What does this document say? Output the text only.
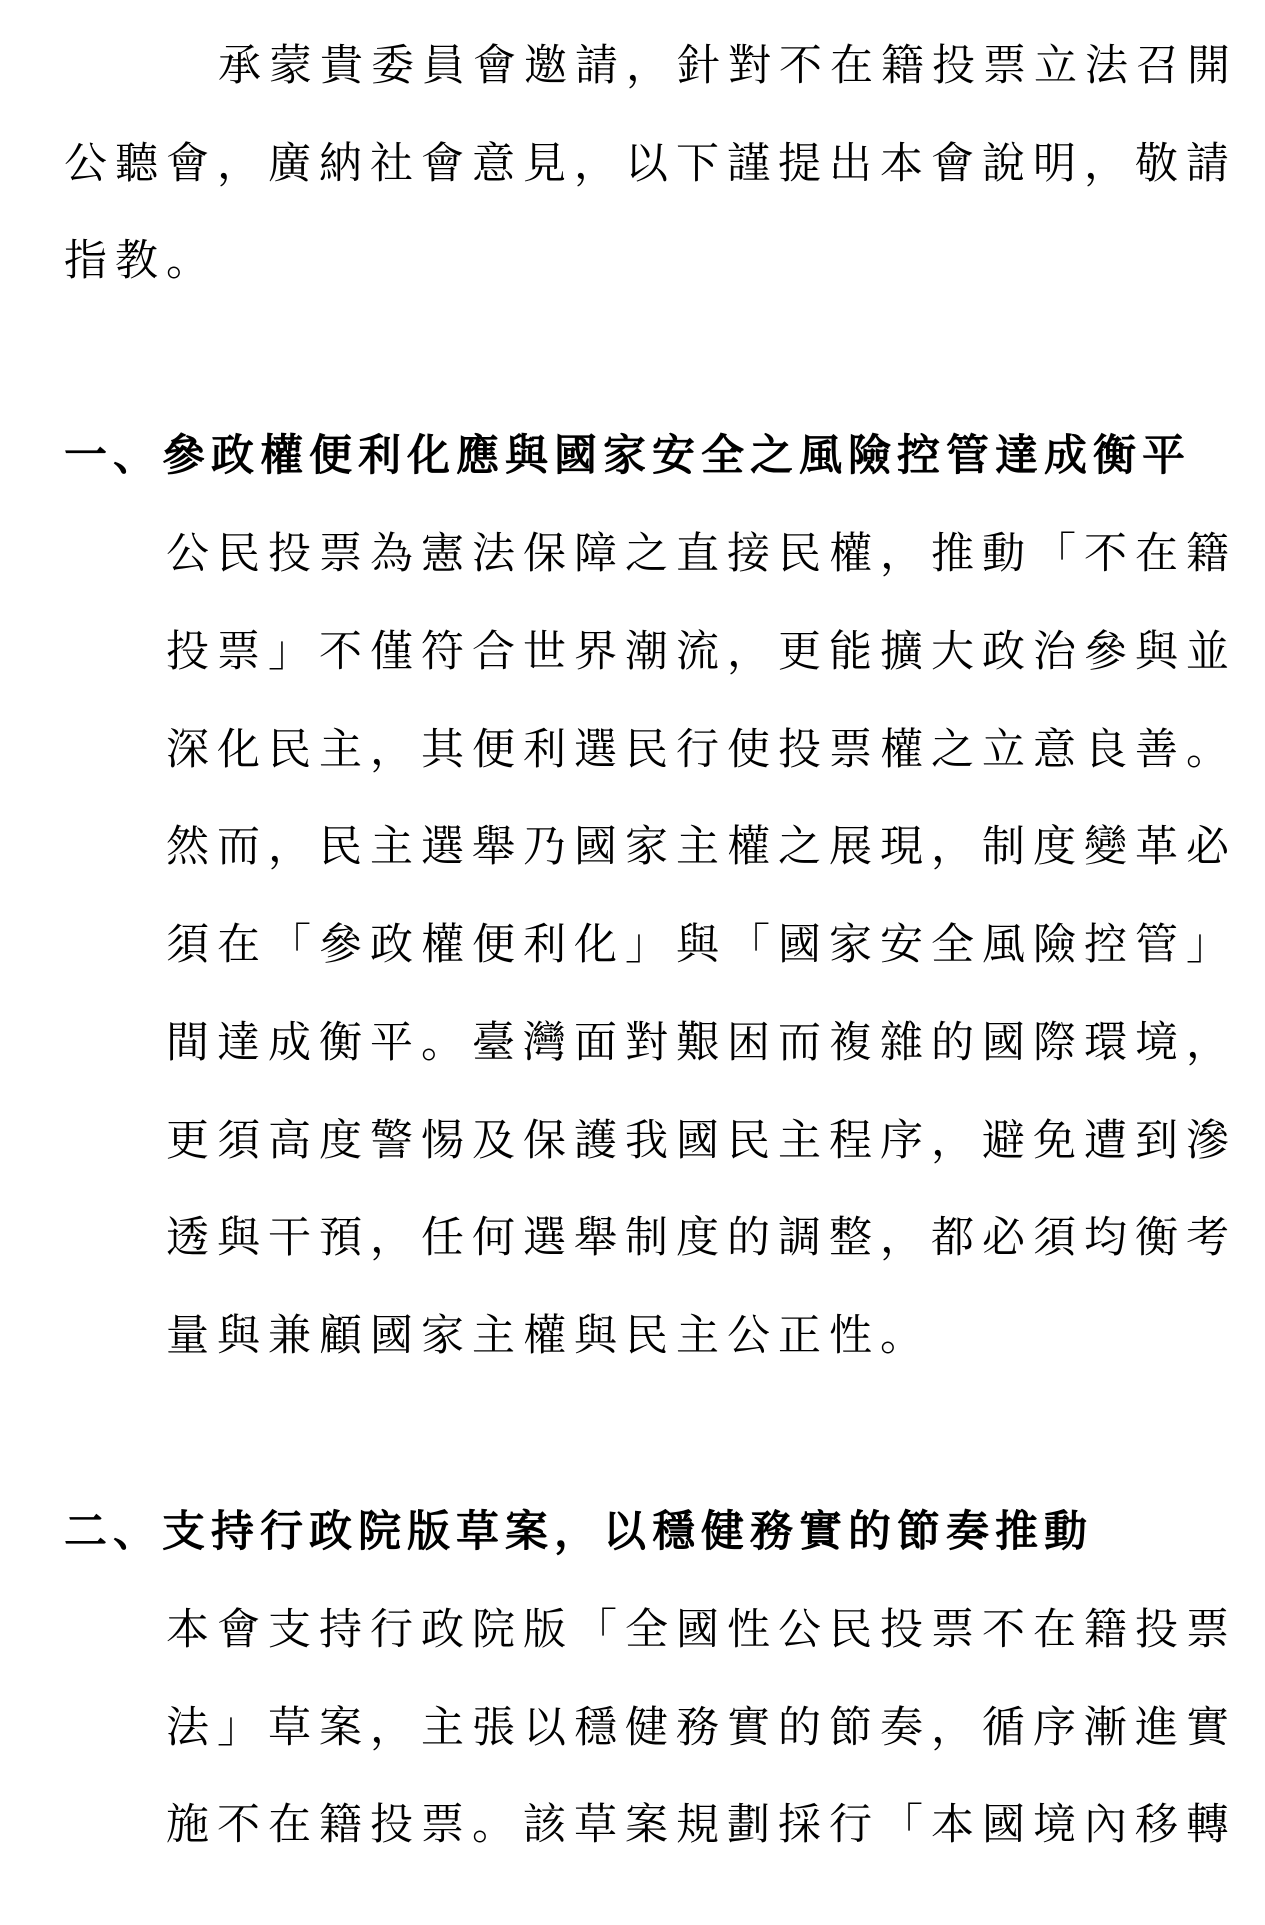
承蒙貴委員會邀請，針對不在籍投票立法召開
公聽會，廣納社會意見，以下謹提出本會說明，敬請
指教。
一、參政權便利化應與國家安全之風險控管達成衡平
公民投票為憲法保障之直接民權，推動「不在籍
投票」不僅符合世界潮流，更能擴大政治參與並
深化民主，其便利選民行使投票權之立意良善。
然而，民主選舉乃國家主權之展現，制度變革必
須在「參政權便利化」與「國家安全風險控管」
間達成衡平。臺灣面對艱困而複雜的國際環境，
更須高度警惕及保護我國民主程序，避免遭到滲
透與干預，任何選舉制度的調整，都必須均衡考
量與兼顧國家主權與民主公正性。
二、支持行政院版草案，以穩健務實的節奏推動
本會支持行政院版「全國性公民投票不在籍投票
法」草案，主張以穩健務實的節奏，循序漸進實
施不在籍投票。該草案規劃採行「本國境內移轉
